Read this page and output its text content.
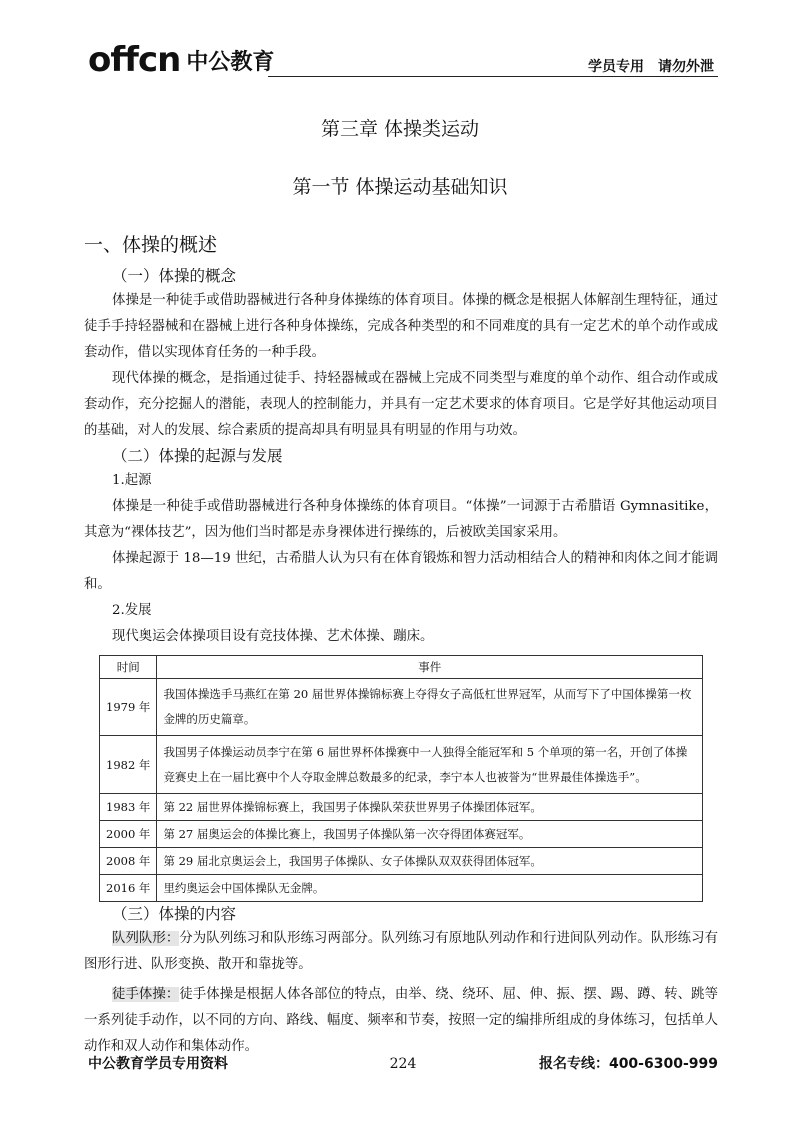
offcn 中公教育	学员专用 请勿外泄
第三章 体操类运动
第一节 体操运动基础知识
一、体操的概述
（一）体操的概念

体操是一种徒手或借助器械进行各种身体操练的体育项目。体操的概念是根据人体解剖生理特征，通过徒手手持轻器械和在器械上进行各种身体操练，完成各种类型的和不同难度的具有一定艺术的单个动作或成套动作，借以实现体育任务的一种手段。

现代体操的概念，是指通过徒手、持轻器械或在器械上完成不同类型与难度的单个动作、组合动作或成套动作，充分挖掘人的潜能，表现人的控制能力，并具有一定艺术要求的体育项目。它是学好其他运动项目的基础，对人的发展、综合素质的提高却具有明显具有明显的作用与功效。

（二）体操的起源与发展
1.起源

体操是一种徒手或借助器械进行各种身体操练的体育项目。“体操”一词源于古希腊语 Gymnasitike，其意为“裸体技艺”，因为他们当时都是赤身裸体进行操练的，后被欧美国家采用。

体操起源于 18—19 世纪，古希腊人认为只有在体育锻炼和智力活动相结合人的精神和肉体之间才能调和。

2.发展

现代奥运会体操项目设有竞技体操、艺术体操、蹦床。

时间	事件
1979 年	我国体操选手马燕红在第 20 届世界体操锦标赛上夺得女子高低杠世界冠军，从而写下了中国体操第一枚金牌的历史篇章。
1982 年	我国男子体操运动员李宁在第 6 届世界杯体操赛中一人独得全能冠军和 5 个单项的第一名，开创了体操竞赛史上在一届比赛中个人夺取金牌总数最多的纪录，李宁本人也被誉为“世界最佳体操选手”。
1983 年	第 22 届世界体操锦标赛上，我国男子体操队荣获世界男子体操团体冠军。
2000 年	第 27 届奥运会的体操比赛上，我国男子体操队第一次夺得团体赛冠军。
2008 年	第 29 届北京奥运会上，我国男子体操队、女子体操队双双获得团体冠军。
2016 年	里约奥运会中国体操队无金牌。
（三）体操的内容

队列队形：分为队列练习和队形练习两部分。队列练习有原地队列动作和行进间队列动作。队形练习有图形行进、队形变换、散开和靠拢等。

徒手体操：徒手体操是根据人体各部位的特点，由举、绕、绕环、屈、伸、振、摆、踢、蹲、转、跳等一系列徒手动作，以不同的方向、路线、幅度、频率和节奏，按照一定的编排所组成的身体练习，包括单人动作和双人动作和集体动作。

中公教育学员专用资料	224	报名专线：400-6300-999
